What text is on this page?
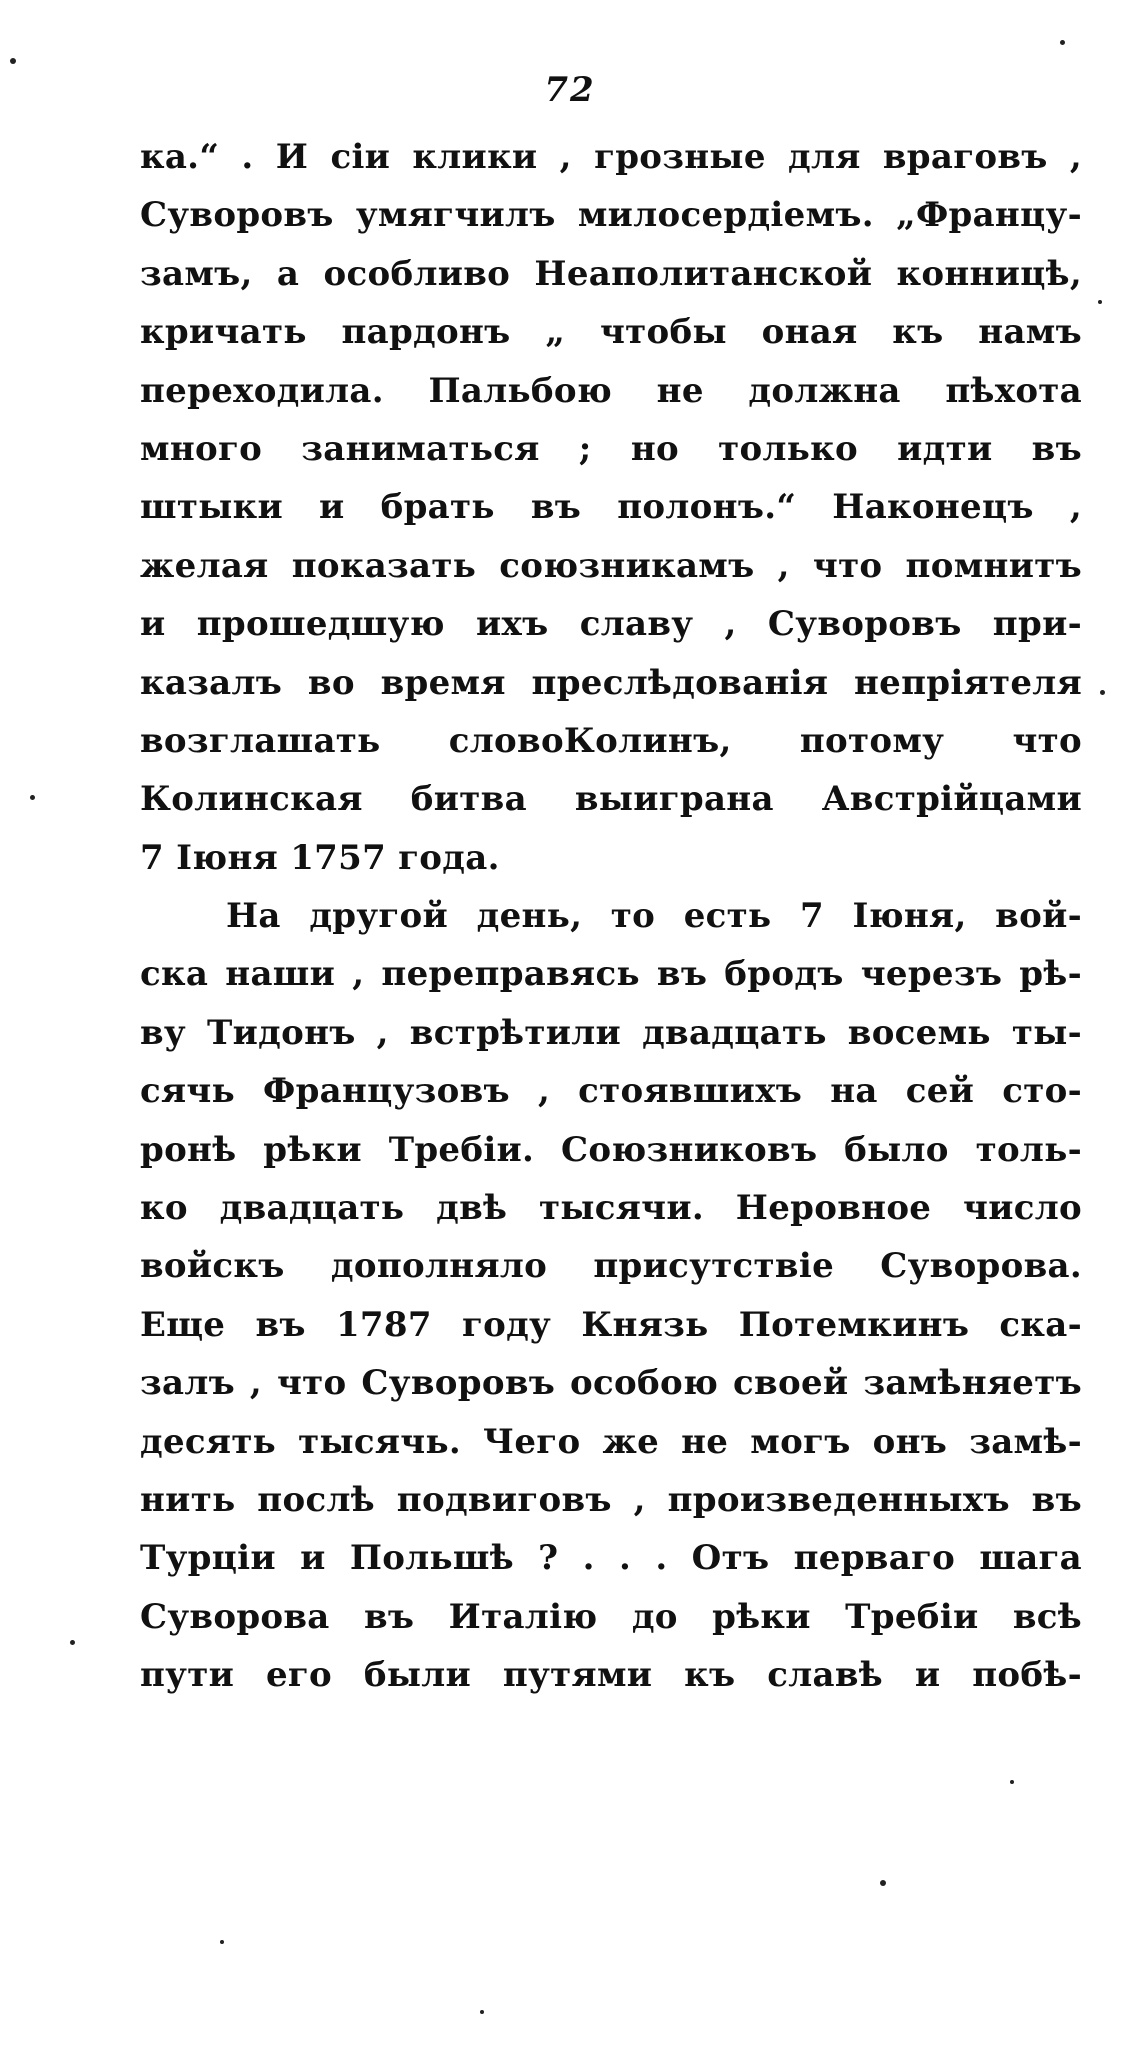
72
ка.“ . И сіи клики , грозные для враговъ ,
Суворовъ умягчилъ милосердіемъ. „Францу-
замъ, а особливо Неаполитанской конницѣ,
кричать пардонъ „ чтобы оная къ намъ
переходила. Пальбою не должна пѣхота
много заниматься ; но только идти въ
штыки и брать въ полонъ.“ Наконецъ ,
желая показать союзникамъ , что помнитъ
и прошедшую ихъ славу , Суворовъ при-
казалъ во время преслѣдованія непріятеля
возглашать словоКолинъ, потому что
Колинская битва выиграна Австрійцами
7 Іюня 1757 года.
На другой день, то есть 7 Іюня, вой-
ска наши , переправясь въ бродъ черезъ рѣ-
ву Тидонъ , встрѣтили двадцать восемь ты-
сячь Французовъ , стоявшихъ на сей сто-
ронѣ рѣки Требіи. Союзниковъ было толь-
ко двадцать двѣ тысячи. Неровное число
войскъ дополняло присутствіе Суворова.
Еще въ 1787 году Князь Потемкинъ ска-
залъ , что Суворовъ особою своей замѣняетъ
десять тысячь. Чего же не могъ онъ замѣ-
нить послѣ подвиговъ , произведенныхъ въ
Турціи и Польшѣ ? . . . Отъ перваго шага
Суворова въ Италію до рѣки Требіи всѣ
пути его были путями къ славѣ и побѣ-
